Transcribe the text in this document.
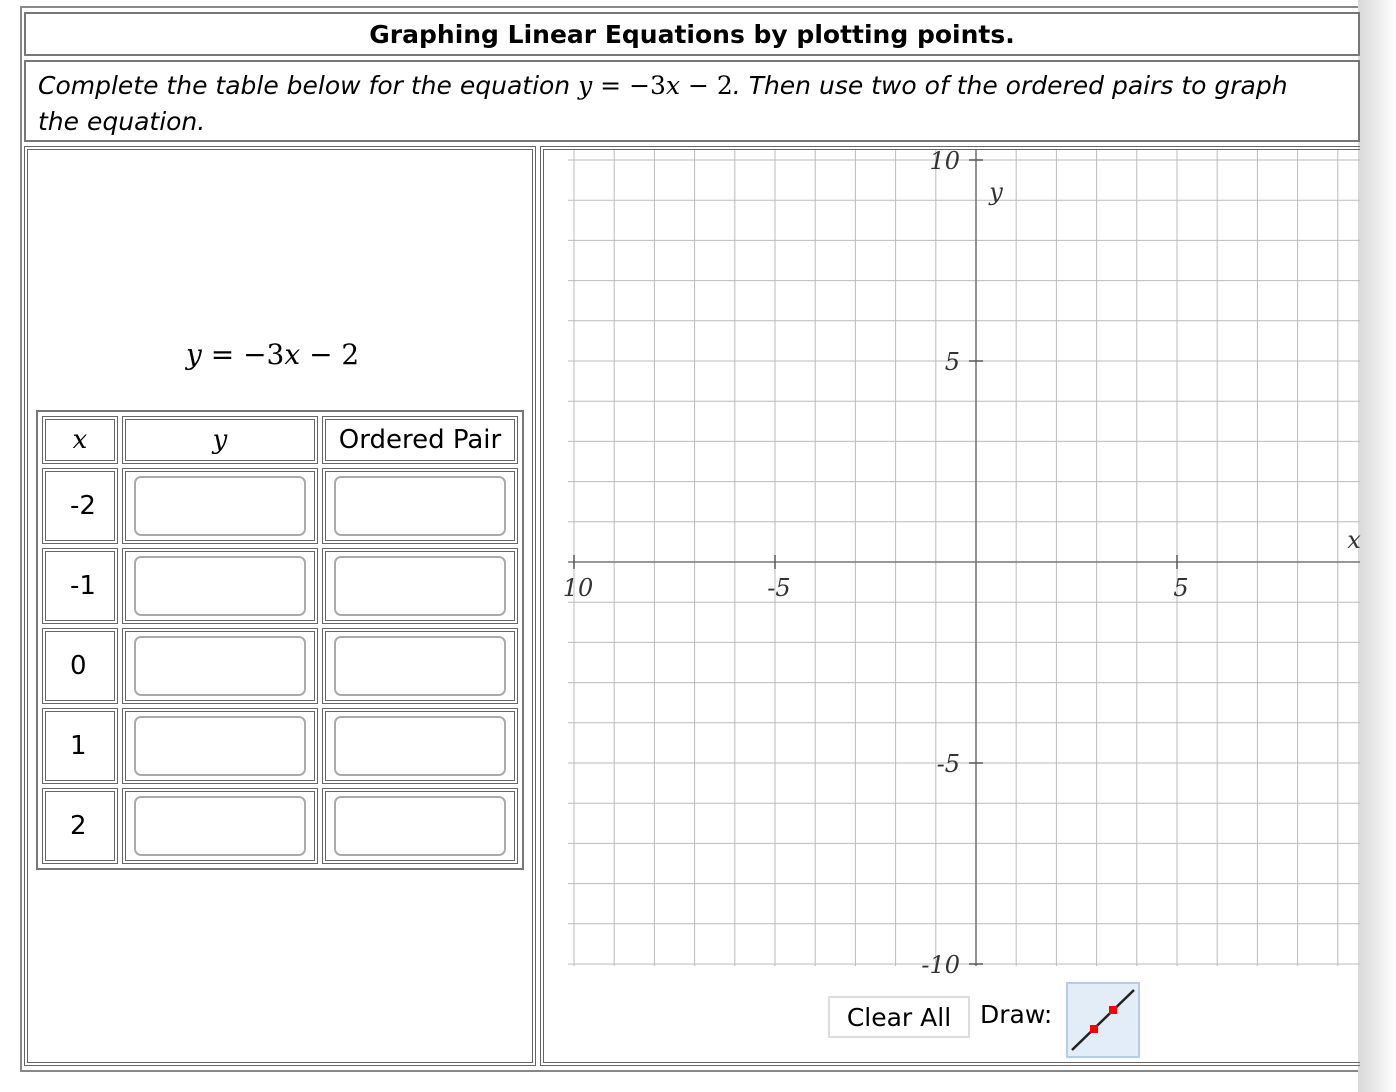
Graphing Linear Equations by plotting points.
Complete the table below for the equation y = −3x − 2. Then use two of the ordered pairs to graph
the equation.
y = −3x − 2
x	y	Ordered Pair
-2
-1
0
1
2
10	-5	5
10
5
-5
-10
x
y
Clear All Draw:
